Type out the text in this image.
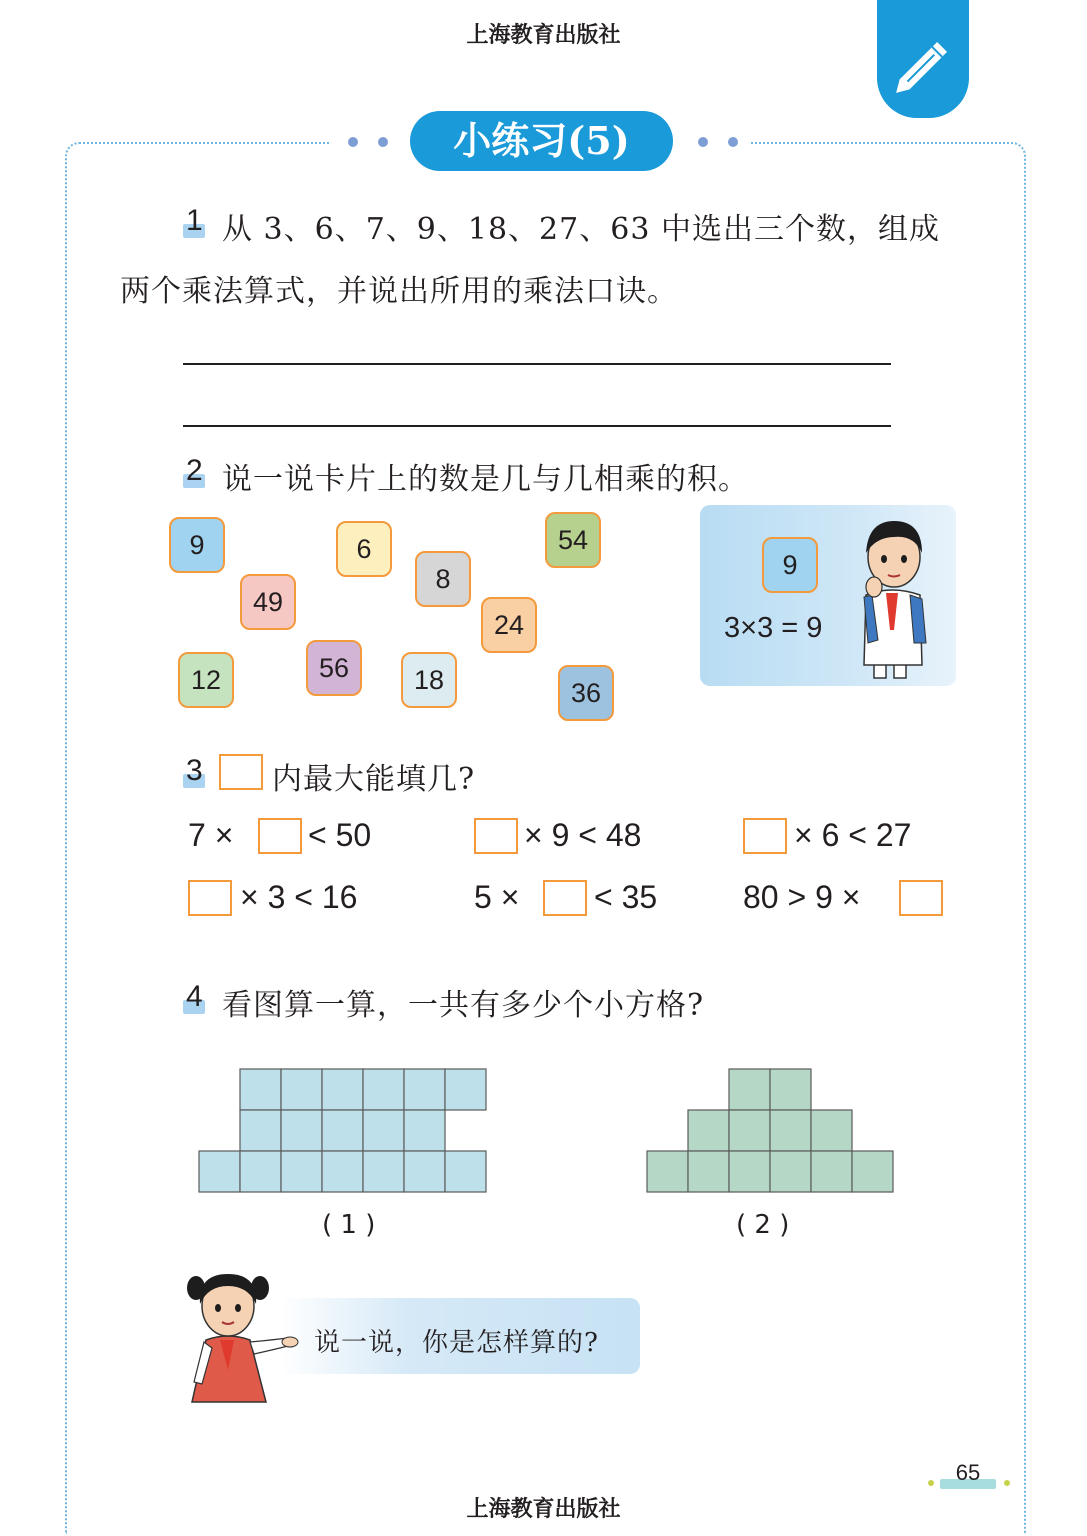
上海教育出版社
小练习(5)
1 从 3、6、7、9、18、27、63 中选出三个数，组成
两个乘法算式，并说出所用的乘法口诀。
2 说一说卡片上的数是几与几相乘的积。
9	6	54
49
8
24
12	56	18	36
9
3×3 = 9
3 内最大能填几?
7 × < 50	× 9 < 48	× 6 < 27
× 3 < 16	5 × < 35	80 > 9 ×
4 看图算一算，一共有多少个小方格?
( 1 )	( 2 )
说一说，你是怎样算的?
65
上海教育出版社
